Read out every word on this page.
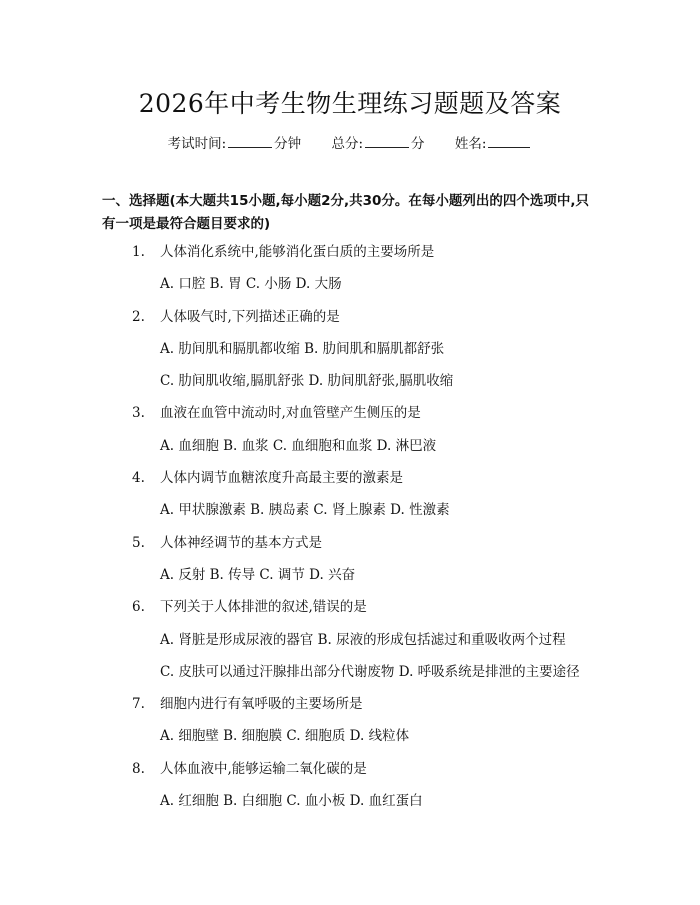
2026年中考生物生理练习题题及答案
考试时间:	分钟 总分:	分 姓名:
一、选择题(本大题共15小题,每小题2分,共30分。在每小题列出的四个选项中,只有一项是最符合题目要求的)
1. 人体消化系统中,能够消化蛋白质的主要场所是
A. 口腔 B. 胃 C. 小肠 D. 大肠
2. 人体吸气时,下列描述正确的是
A. 肋间肌和膈肌都收缩 B. 肋间肌和膈肌都舒张
C. 肋间肌收缩,膈肌舒张 D. 肋间肌舒张,膈肌收缩
3. 血液在血管中流动时,对血管壁产生侧压的是
A. 血细胞 B. 血浆 C. 血细胞和血浆 D. 淋巴液
4. 人体内调节血糖浓度升高最主要的激素是
A. 甲状腺激素 B. 胰岛素 C. 肾上腺素 D. 性激素
5. 人体神经调节的基本方式是
A. 反射 B. 传导 C. 调节 D. 兴奋
6. 下列关于人体排泄的叙述,错误的是
A. 肾脏是形成尿液的器官 B. 尿液的形成包括滤过和重吸收两个过程
C. 皮肤可以通过汗腺排出部分代谢废物 D. 呼吸系统是排泄的主要途径
7. 细胞内进行有氧呼吸的主要场所是
A. 细胞壁 B. 细胞膜 C. 细胞质 D. 线粒体
8. 人体血液中,能够运输二氧化碳的是
A. 红细胞 B. 白细胞 C. 血小板 D. 血红蛋白
